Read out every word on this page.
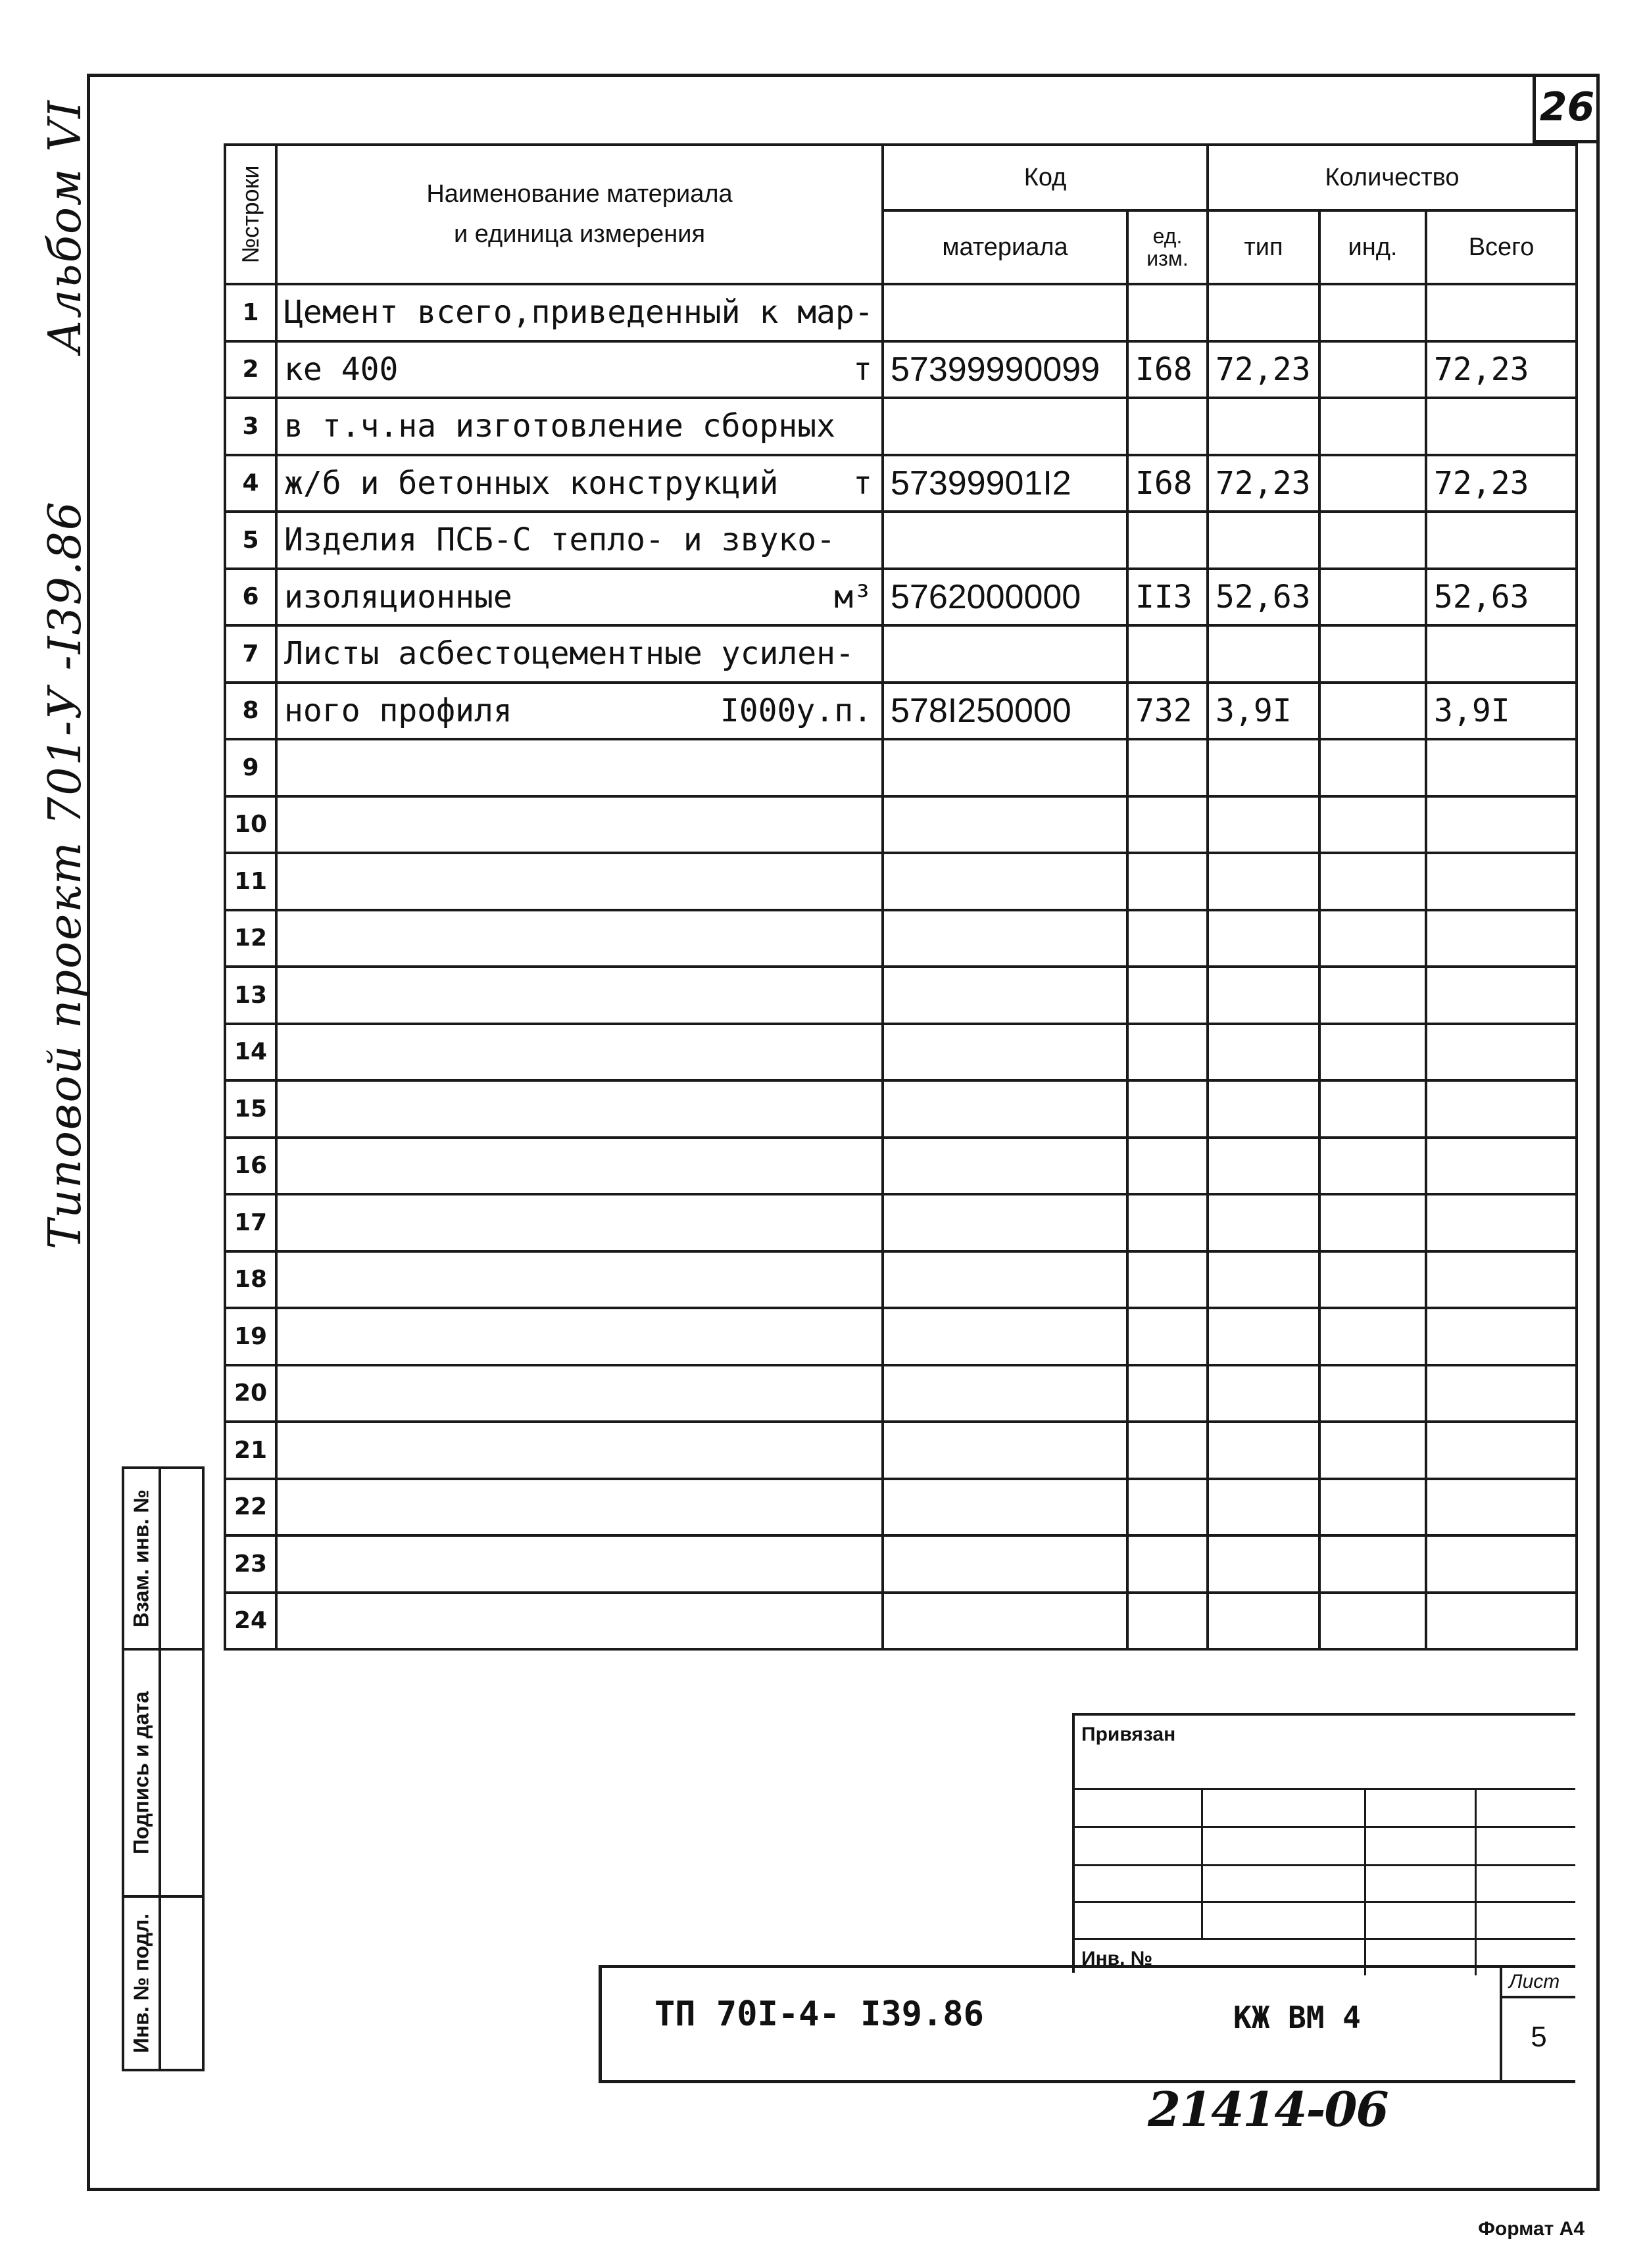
26
Типовой проект 701-У -I39.86 Альбом VI	№строки	Наименование материала
и единица измерения	Код		Количество		
		материала	ед. изм.	тип	инд.	Всего
1	Цемент всего,приведенный к мар-

2	ке 400 т	57399990099	I68	72,23		72,23
3	в т.ч.на изготовление сборных

4	ж/б и бетонных конструкций т	57399901I2	I68	72,23		72,23
5	Изделия ПСБ-С тепло- и звуко-

6	изоляционные м³	5762000000	II3	52,63		52,63
7	Листы асбестоцементные усилен-

8	ного профиля I000у.п.	578I250000	732	3,9I		3,9I
9	

10	

11	

12	

13	

14	

15	

16	

17	

18	

19	

20	

21	

22	

23	

24	

Взам. инв. №
Подпись и дата
Инв. № подл.
Привязан
Инв. №
ТП 70I-4- I39.86	КЖ ВМ 4
Лист
5
21414-06
Формат А4
